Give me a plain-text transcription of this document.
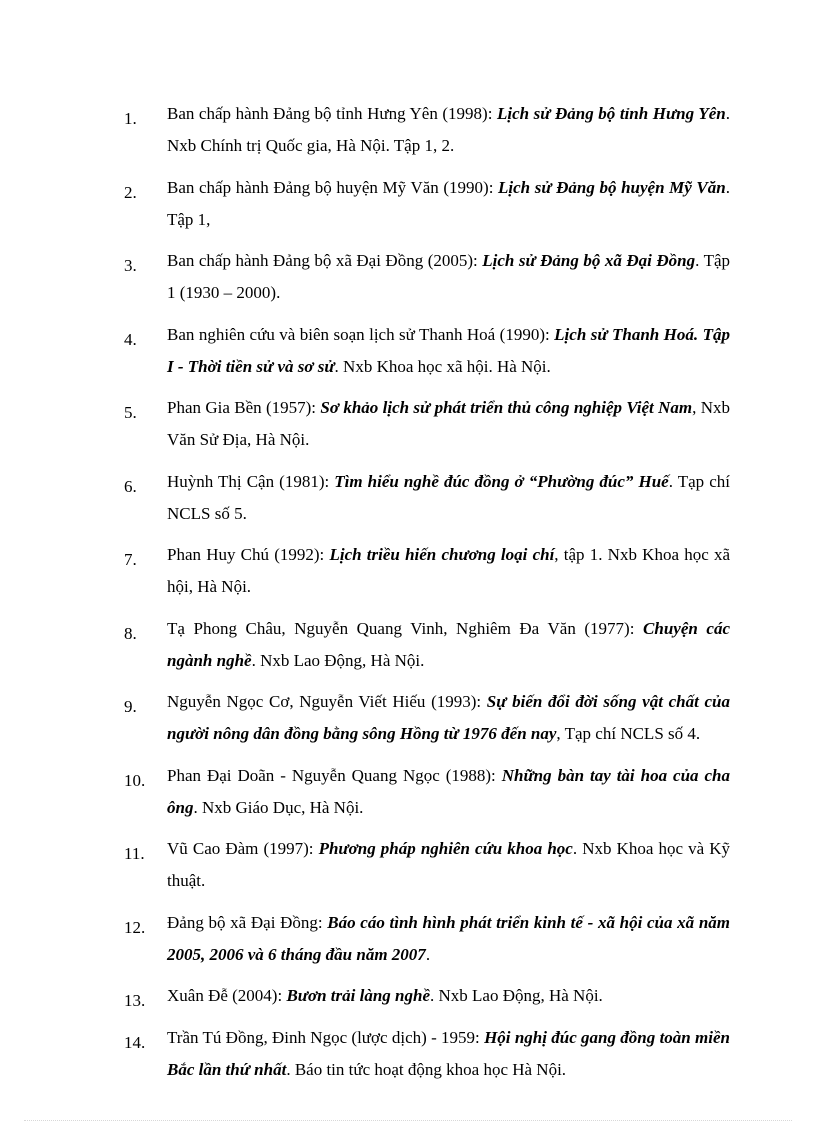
1.	Ban chấp hành Đảng bộ tỉnh Hưng Yên (1998): Lịch sử Đảng bộ tỉnh Hưng Yên. Nxb Chính trị Quốc gia, Hà Nội. Tập 1, 2.
2.	Ban chấp hành Đảng bộ huyện Mỹ Văn (1990): Lịch sử Đảng bộ huyện Mỹ Văn. Tập 1,
3.	Ban chấp hành Đảng bộ xã Đại Đồng (2005): Lịch sử Đảng bộ xã Đại Đồng. Tập 1 (1930 – 2000).
4.	Ban nghiên cứu và biên soạn lịch sử Thanh Hoá (1990): Lịch sử Thanh Hoá. Tập I - Thời tiền sử và sơ sử. Nxb Khoa học xã hội. Hà Nội.
5.	Phan Gia Bền (1957): Sơ khảo lịch sử phát triển thủ công nghiệp Việt Nam, Nxb Văn Sử Địa, Hà Nội.
6.	Huỳnh Thị Cận (1981): Tìm hiểu nghề đúc đồng ở “Phường đúc” Huế. Tạp chí NCLS số 5.
7.	Phan Huy Chú (1992): Lịch triều hiến chương loại chí, tập 1. Nxb Khoa học xã hội, Hà Nội.
8.	Tạ Phong Châu, Nguyễn Quang Vinh, Nghiêm Đa Văn (1977): Chuyện các ngành nghề. Nxb Lao Động, Hà Nội.
9.	Nguyễn Ngọc Cơ, Nguyễn Viết Hiếu (1993): Sự biến đổi đời sống vật chất của người nông dân đồng bằng sông Hồng từ 1976 đến nay, Tạp chí NCLS số 4.
10.	Phan Đại Doãn - Nguyễn Quang Ngọc (1988): Những bàn tay tài hoa của cha ông. Nxb Giáo Dục, Hà Nội.
11.	Vũ Cao Đàm (1997): Phương pháp nghiên cứu khoa học. Nxb Khoa học và Kỹ thuật.
12.	Đảng bộ xã Đại Đồng: Báo cáo tình hình phát triển kinh tế - xã hội của xã năm 2005, 2006 và 6 tháng đầu năm 2007.
13.	Xuân Đễ (2004): Bươn trải làng nghề. Nxb Lao Động, Hà Nội.
14.	Trần Tú Đồng, Đinh Ngọc (lược dịch) - 1959: Hội nghị đúc gang đồng toàn miền Bắc lần thứ nhất. Báo tin tức hoạt động khoa học Hà Nội.
